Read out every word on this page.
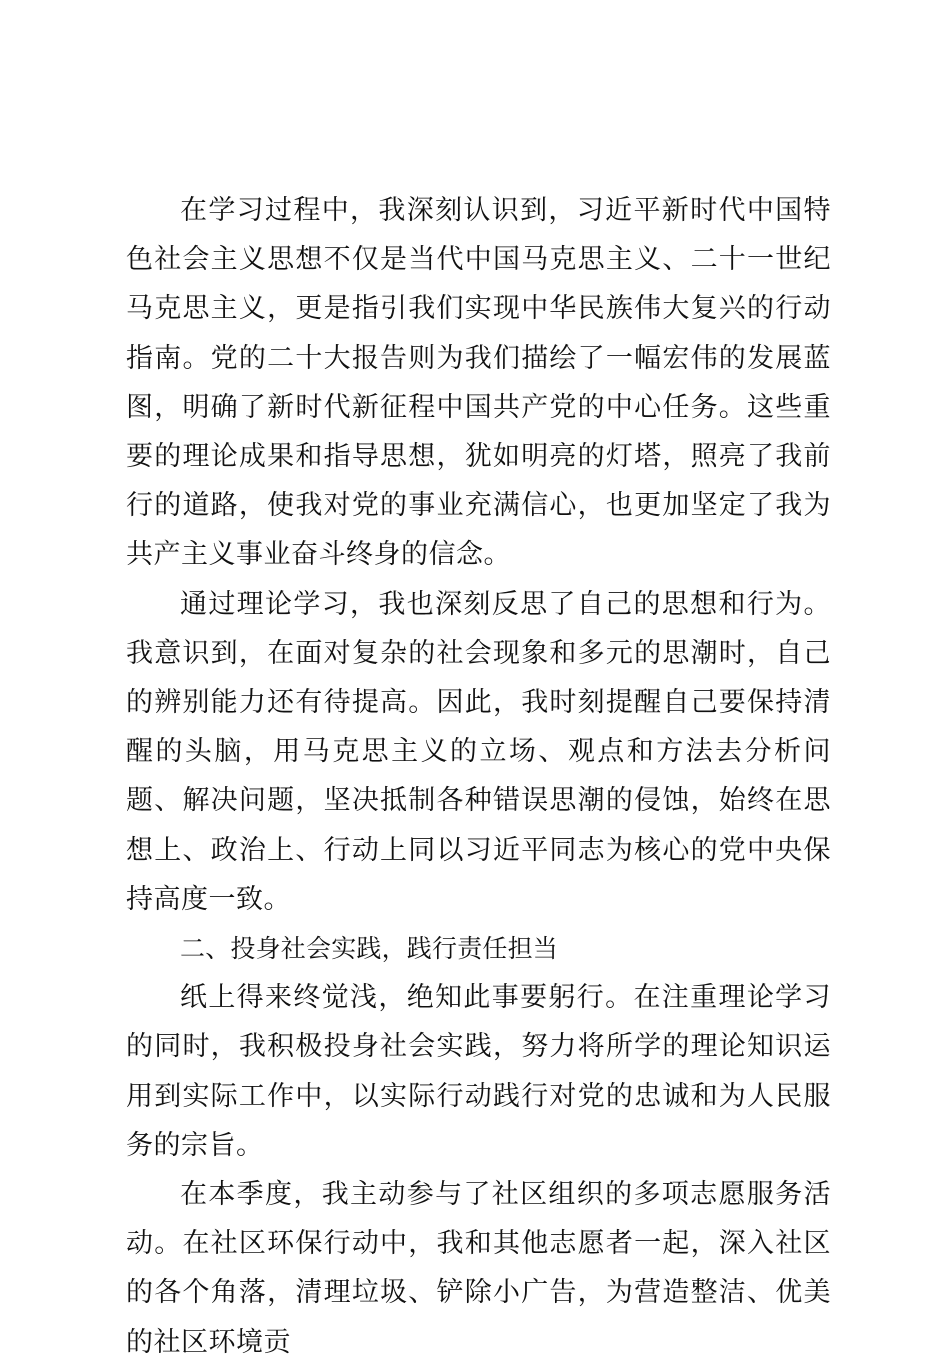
在学习过程中，我深刻认识到，习近平新时代中国特色社会主义思想不仅是当代中国马克思主义、二十一世纪马克思主义，更是指引我们实现中华民族伟大复兴的行动指南。党的二十大报告则为我们描绘了一幅宏伟的发展蓝图，明确了新时代新征程中国共产党的中心任务。这些重要的理论成果和指导思想，犹如明亮的灯塔，照亮了我前行的道路，使我对党的事业充满信心，也更加坚定了我为共产主义事业奋斗终身的信念。

通过理论学习，我也深刻反思了自己的思想和行为。我意识到，在面对复杂的社会现象和多元的思潮时，自己的辨别能力还有待提高。因此，我时刻提醒自己要保持清醒的头脑，用马克思主义的立场、观点和方法去分析问题、解决问题，坚决抵制各种错误思潮的侵蚀，始终在思想上、政治上、行动上同以习近平同志为核心的党中央保持高度一致。

二、投身社会实践，践行责任担当

纸上得来终觉浅，绝知此事要躬行。在注重理论学习的同时，我积极投身社会实践，努力将所学的理论知识运用到实际工作中，以实际行动践行对党的忠诚和为人民服务的宗旨。

在本季度，我主动参与了社区组织的多项志愿服务活动。在社区环保行动中，我和其他志愿者一起，深入社区的各个角落，清理垃圾、铲除小广告，为营造整洁、优美的社区环境贡
